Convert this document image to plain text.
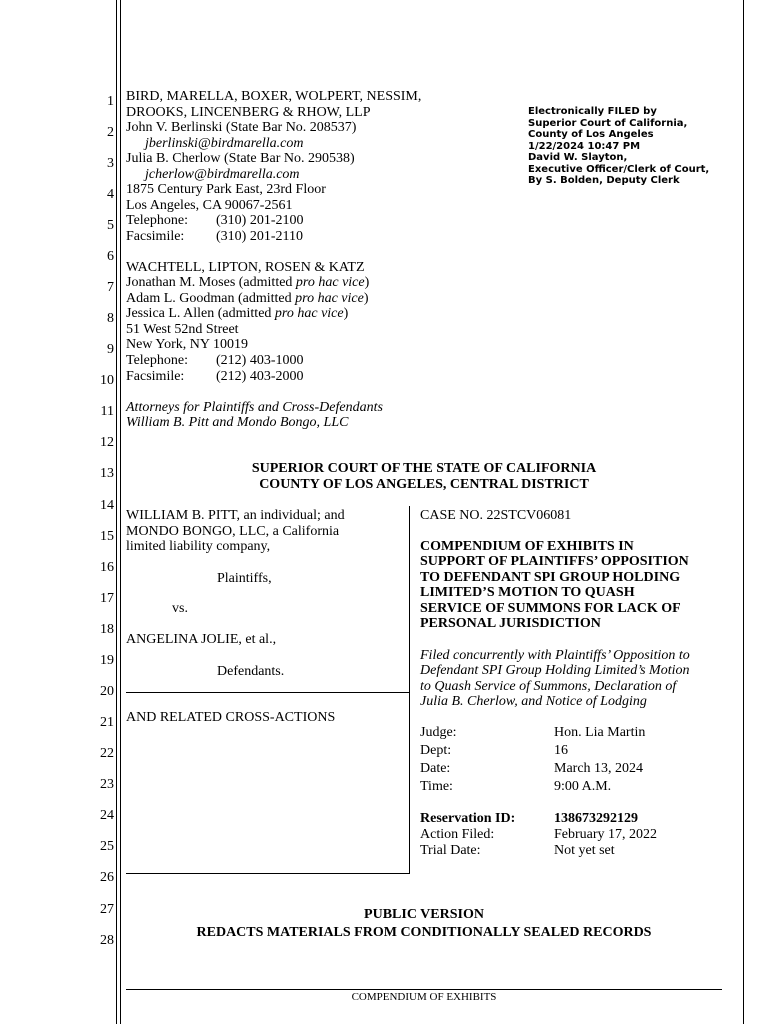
1
2
3
4
5
6
7
8
9
10
11
12
13
14
15
16
17
18
19
20
21
22
23
24
25
26
27
28
Electronically FILED by
Superior Court of California,
County of Los Angeles
1/22/2024 10:47 PM
David W. Slayton,
Executive Officer/Clerk of Court,
By S. Bolden, Deputy Clerk
BIRD, MARELLA, BOXER, WOLPERT, NESSIM,
DROOKS, LINCENBERG & RHOW, LLP
John V. Berlinski (State Bar No. 208537)
jberlinski@birdmarella.com
Julia B. Cherlow (State Bar No. 290538)
jcherlow@birdmarella.com
1875 Century Park East, 23rd Floor
Los Angeles, CA 90067-2561
Telephone: (310) 201-2100
Facsimile: (310) 201-2110
WACHTELL, LIPTON, ROSEN & KATZ
Jonathan M. Moses (admitted pro hac vice)
Adam L. Goodman (admitted pro hac vice)
Jessica L. Allen (admitted pro hac vice)
51 West 52nd Street
New York, NY 10019
Telephone: (212) 403-1000
Facsimile: (212) 403-2000
Attorneys for Plaintiffs and Cross-Defendants
William B. Pitt and Mondo Bongo, LLC
SUPERIOR COURT OF THE STATE OF CALIFORNIA
COUNTY OF LOS ANGELES, CENTRAL DISTRICT
WILLIAM B. PITT, an individual; and
MONDO BONGO, LLC, a California
limited liability company,
Plaintiffs,
vs.
ANGELINA JOLIE, et al.,
Defendants.
AND RELATED CROSS-ACTIONS
CASE NO. 22STCV06081
COMPENDIUM OF EXHIBITS IN
SUPPORT OF PLAINTIFFS’ OPPOSITION
TO DEFENDANT SPI GROUP HOLDING
LIMITED’S MOTION TO QUASH
SERVICE OF SUMMONS FOR LACK OF
PERSONAL JURISDICTION
Filed concurrently with Plaintiffs’ Opposition to
Defendant SPI Group Holding Limited’s Motion
to Quash Service of Summons, Declaration of
Julia B. Cherlow, and Notice of Lodging
Judge:	Hon. Lia Martin
Dept:	16
Date:	March 13, 2024
Time:	9:00 A.M.
Reservation ID:	138673292129
Action Filed:	February 17, 2022
Trial Date:	Not yet set
PUBLIC VERSION
REDACTS MATERIALS FROM CONDITIONALLY SEALED RECORDS
COMPENDIUM OF EXHIBITS
